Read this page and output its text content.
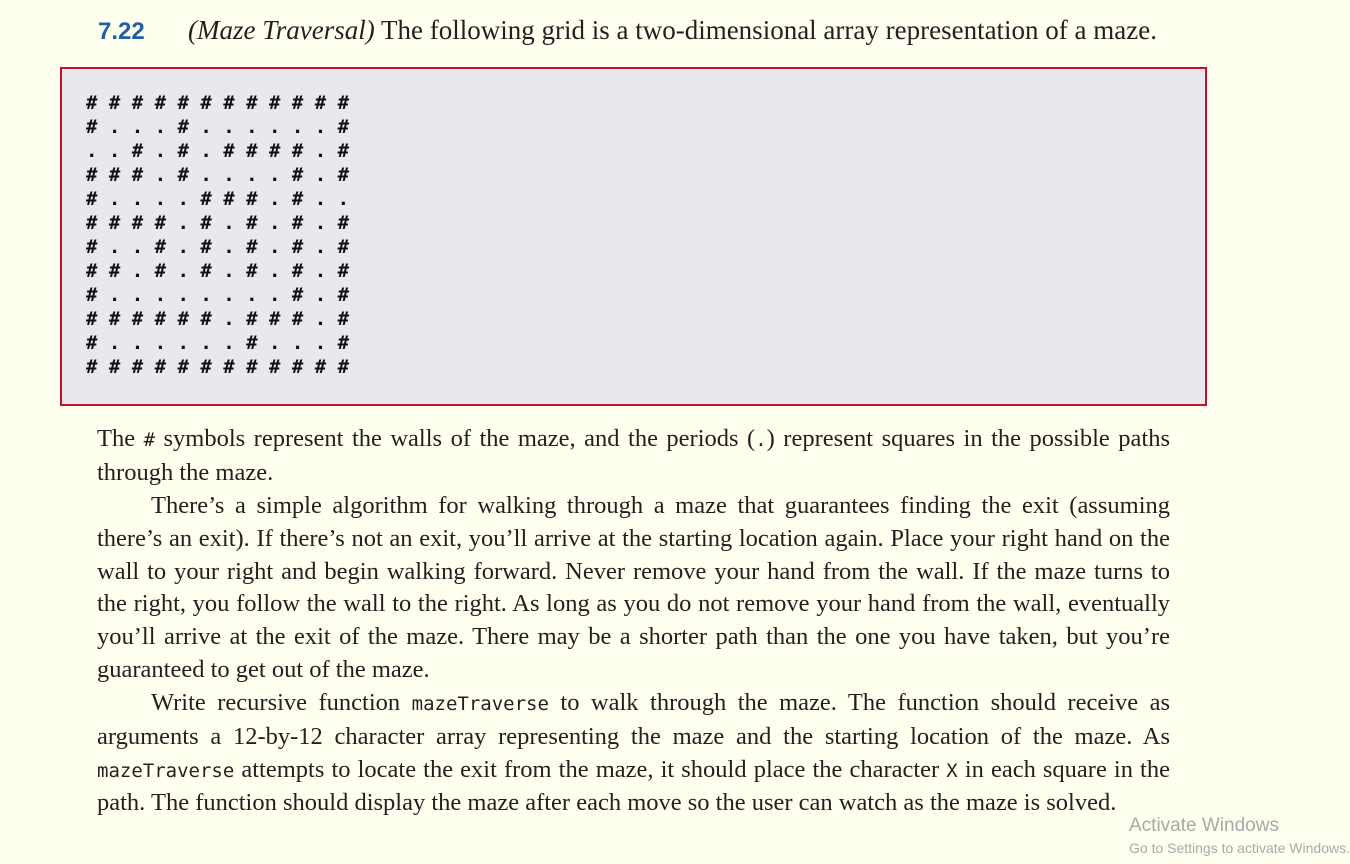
7.22 (Maze Traversal) The following grid is a two-dimensional array representation of a maze.
# # # # # # # # # # # #
# . . . # . . . . . . #
. . # . # . # # # # . #
# # # . # . . . . # . #
# . . . . # # # . # . .
# # # # . # . # . # . #
# . . # . # . # . # . #
# # . # . # . # . # . #
# . . . . . . . . # . #
# # # # # # . # # # . #
# . . . . . . # . . . #
# # # # # # # # # # # #

The # symbols represent the walls of the maze, and the periods (.) represent squares in the possible paths through the maze.

There’s a simple algorithm for walking through a maze that guarantees finding the exit (assuming there’s an exit). If there’s not an exit, you’ll arrive at the starting location again. Place your right hand on the wall to your right and begin walking forward. Never remove your hand from the wall. If the maze turns to the right, you follow the wall to the right. As long as you do not remove your hand from the wall, eventually you’ll arrive at the exit of the maze. There may be a shorter path than the one you have taken, but you’re guaranteed to get out of the maze.

Write recursive function mazeTraverse to walk through the maze. The function should receive as arguments a 12-by-12 character array representing the maze and the starting location of the maze. As mazeTraverse attempts to locate the exit from the maze, it should place the character X in each square in the path. The function should display the maze after each move so the user can watch as the maze is solved.

Activate Windows
Go to Settings to activate Windows.
